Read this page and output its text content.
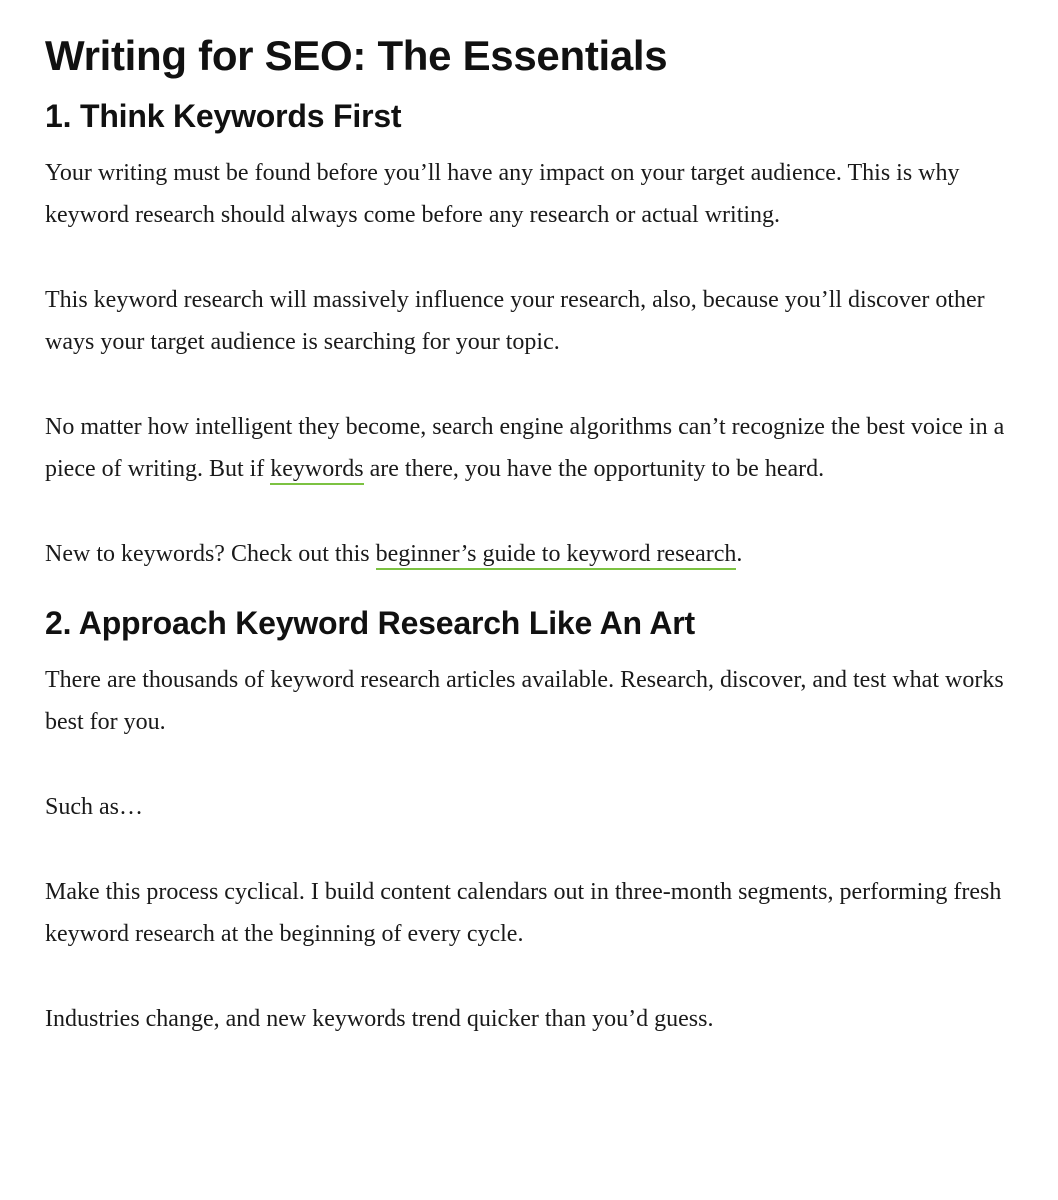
Writing for SEO: The Essentials
1. Think Keywords First

Your writing must be found before you’ll have any impact on your target audience. This is why keyword research should always come before any research or actual writing.

This keyword research will massively influence your research, also, because you’ll discover other ways your target audience is searching for your topic.

No matter how intelligent they become, search engine algorithms can’t recognize the best voice in a piece of writing. But if keywords are there, you have the opportunity to be heard.

New to keywords? Check out this beginner’s guide to keyword research.

2. Approach Keyword Research Like An Art

There are thousands of keyword research articles available. Research, discover, and test what works best for you.

Such as…

Make this process cyclical. I build content calendars out in three-month segments, performing fresh keyword research at the beginning of every cycle.

Industries change, and new keywords trend quicker than you’d guess.
